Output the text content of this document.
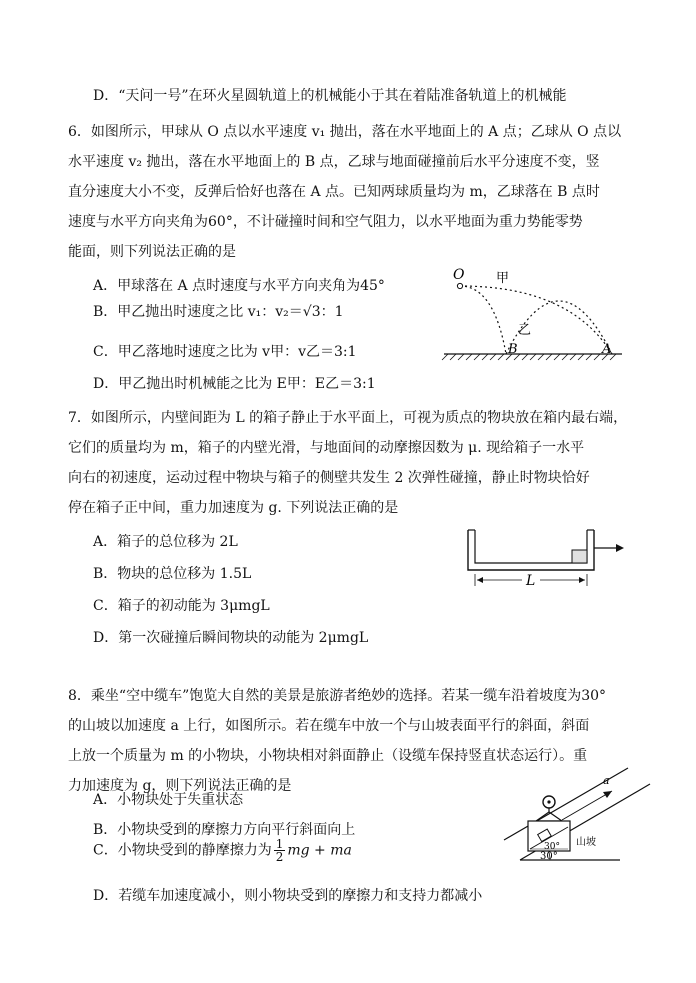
D．“天问一号”在环火星圆轨道上的机械能小于其在着陆准备轨道上的机械能
6．如图所示，甲球从 O 点以水平速度 v₁ 抛出，落在水平地面上的 A 点；乙球从 O 点以
水平速度 v₂ 抛出，落在水平地面上的 B 点，乙球与地面碰撞前后水平分速度不变，竖
直分速度大小不变，反弹后恰好也落在 A 点。已知两球质量均为 m，乙球落在 B 点时
速度与水平方向夹角为60°，不计碰撞时间和空气阻力，以水平地面为重力势能零势
能面，则下列说法正确的是
A．甲球落在 A 点时速度与水平方向夹角为45°
B．甲乙抛出时速度之比 v₁：v₂＝√3：1
C．甲乙落地时速度之比为 v甲：v乙＝3:1
D．甲乙抛出时机械能之比为 E甲：E乙＝3:1
O 甲
乙
B	A
7．如图所示，内壁间距为 L 的箱子静止于水平面上，可视为质点的物块放在箱内最右端，
它们的质量均为 m，箱子的内壁光滑，与地面间的动摩擦因数为 μ. 现给箱子一水平
向右的初速度，运动过程中物块与箱子的侧壁共发生 2 次弹性碰撞，静止时物块恰好
停在箱子正中间，重力加速度为 g. 下列说法正确的是
A．箱子的总位移为 2L
B．物块的总位移为 1.5L
C．箱子的初动能为 3μmgL
D．第一次碰撞后瞬间物块的动能为 2μmgL
L
8．乘坐“空中缆车”饱览大自然的美景是旅游者绝妙的选择。若某一缆车沿着坡度为30°
的山坡以加速度 a 上行，如图所示。若在缆车中放一个与山坡表面平行的斜面，斜面
上放一个质量为 m 的小物块，小物块相对斜面静止（设缆车保持竖直状态运行）。重
力加速度为 g，则下列说法正确的是
A．小物块处于失重状态
B．小物块受到的摩擦力方向平行斜面向上
C．小物块受到的静摩擦力为 $\frac{1}{2}$ mg + ma
D．若缆车加速度减小，则小物块受到的摩擦力和支持力都减小
a
30°
30°
山坡
